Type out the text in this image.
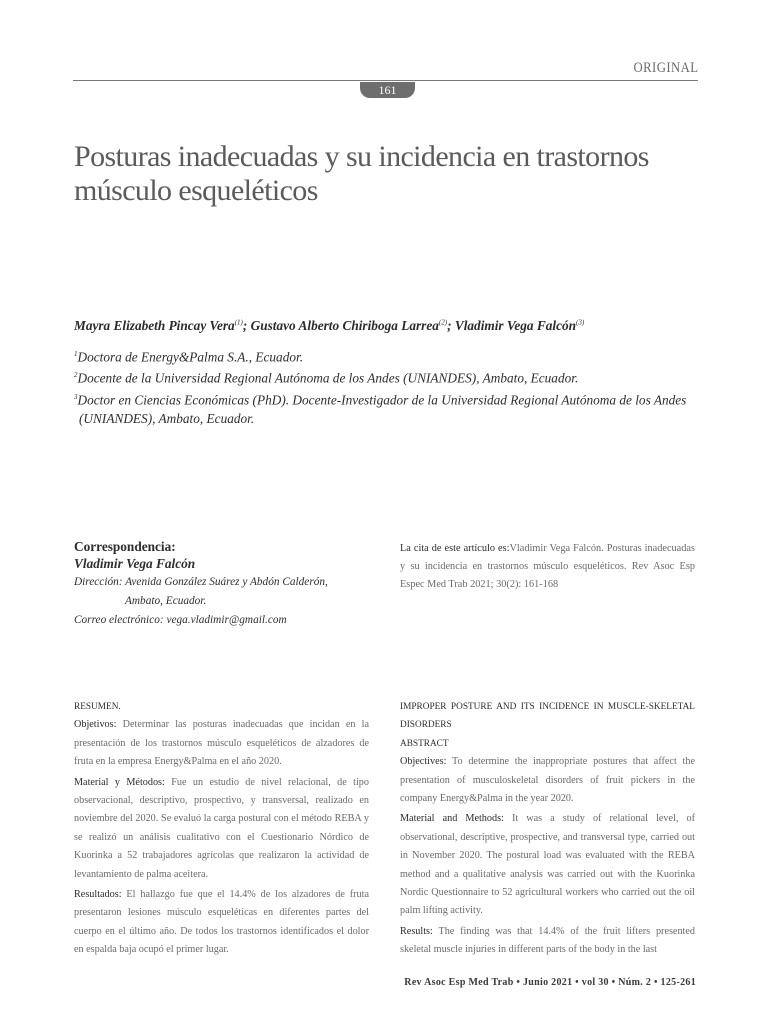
ORIGINAL
161
Posturas inadecuadas y su incidencia en trastornos músculo esqueléticos
Mayra Elizabeth Pincay Vera$^{(1)}$; Gustavo Alberto Chiriboga Larrea$^{(2)}$; Vladimir Vega Falcón$^{(3)}$
$^1$Doctora de Energy&Palma S.A., Ecuador.
$^2$Docente de la Universidad Regional Autónoma de los Andes (UNIANDES), Ambato, Ecuador.
$^3$Doctor en Ciencias Económicas (PhD). Docente-Investigador de la Universidad Regional Autónoma de los Andes
(UNIANDES), Ambato, Ecuador.
Correspondencia:
Vladimir Vega Falcón
Dirección: Avenida González Suárez y Abdón Calderón,
Ambato, Ecuador.
Correo electrónico: vega.vladimir@gmail.com
La cita de este artículo es:Vladimir Vega Falcón. Posturas inadecuadas y su incidencia en trastornos músculo esqueléticos. Rev Asoc Esp Espec Med Trab 2021; 30(2): 161-168
RESUMEN.

Objetivos: Determinar las posturas inadecuadas que incidan en la presentación de los trastornos músculo esqueléticos de alzadores de fruta en la empresa Energy&Palma en el año 2020.

Material y Métodos: Fue un estudio de nivel relacional, de tipo observacional, descriptivo, prospectivo, y transversal, realizado en noviembre del 2020. Se evaluó la carga postural con el método REBA y se realizó un análisis cualitativo con el Cuestionario Nórdico de Kuorinka a 52 trabajadores agrícolas que realizaron la actividad de levantamiento de palma aceitera.

Resultados: El hallazgo fue que el 14.4% de los alzadores de fruta presentaron lesiones músculo esqueléticas en diferentes partes del cuerpo en el último año. De todos los trastornos identificados el dolor en espalda baja ocupó el primer lugar.

IMPROPER POSTURE AND ITS INCIDENCE IN MUSCLE-SKELETAL DISORDERS
ABSTRACT

Objectives: To determine the inappropriate postures that affect the presentation of musculoskeletal disorders of fruit pickers in the company Energy&Palma in the year 2020.

Material and Methods: It was a study of relational level, of observational, descriptive, prospective, and transversal type, carried out in November 2020. The postural load was evaluated with the REBA method and a qualitative analysis was carried out with the Kuorinka Nordic Questionnaire to 52 agricultural workers who carried out the oil palm lifting activity.

Results: The finding was that 14.4% of the fruit lifters presented skeletal muscle injuries in different parts of the body in the last

Rev Asoc Esp Med Trab • Junio 2021 • vol 30 • Núm. 2 • 125-261
